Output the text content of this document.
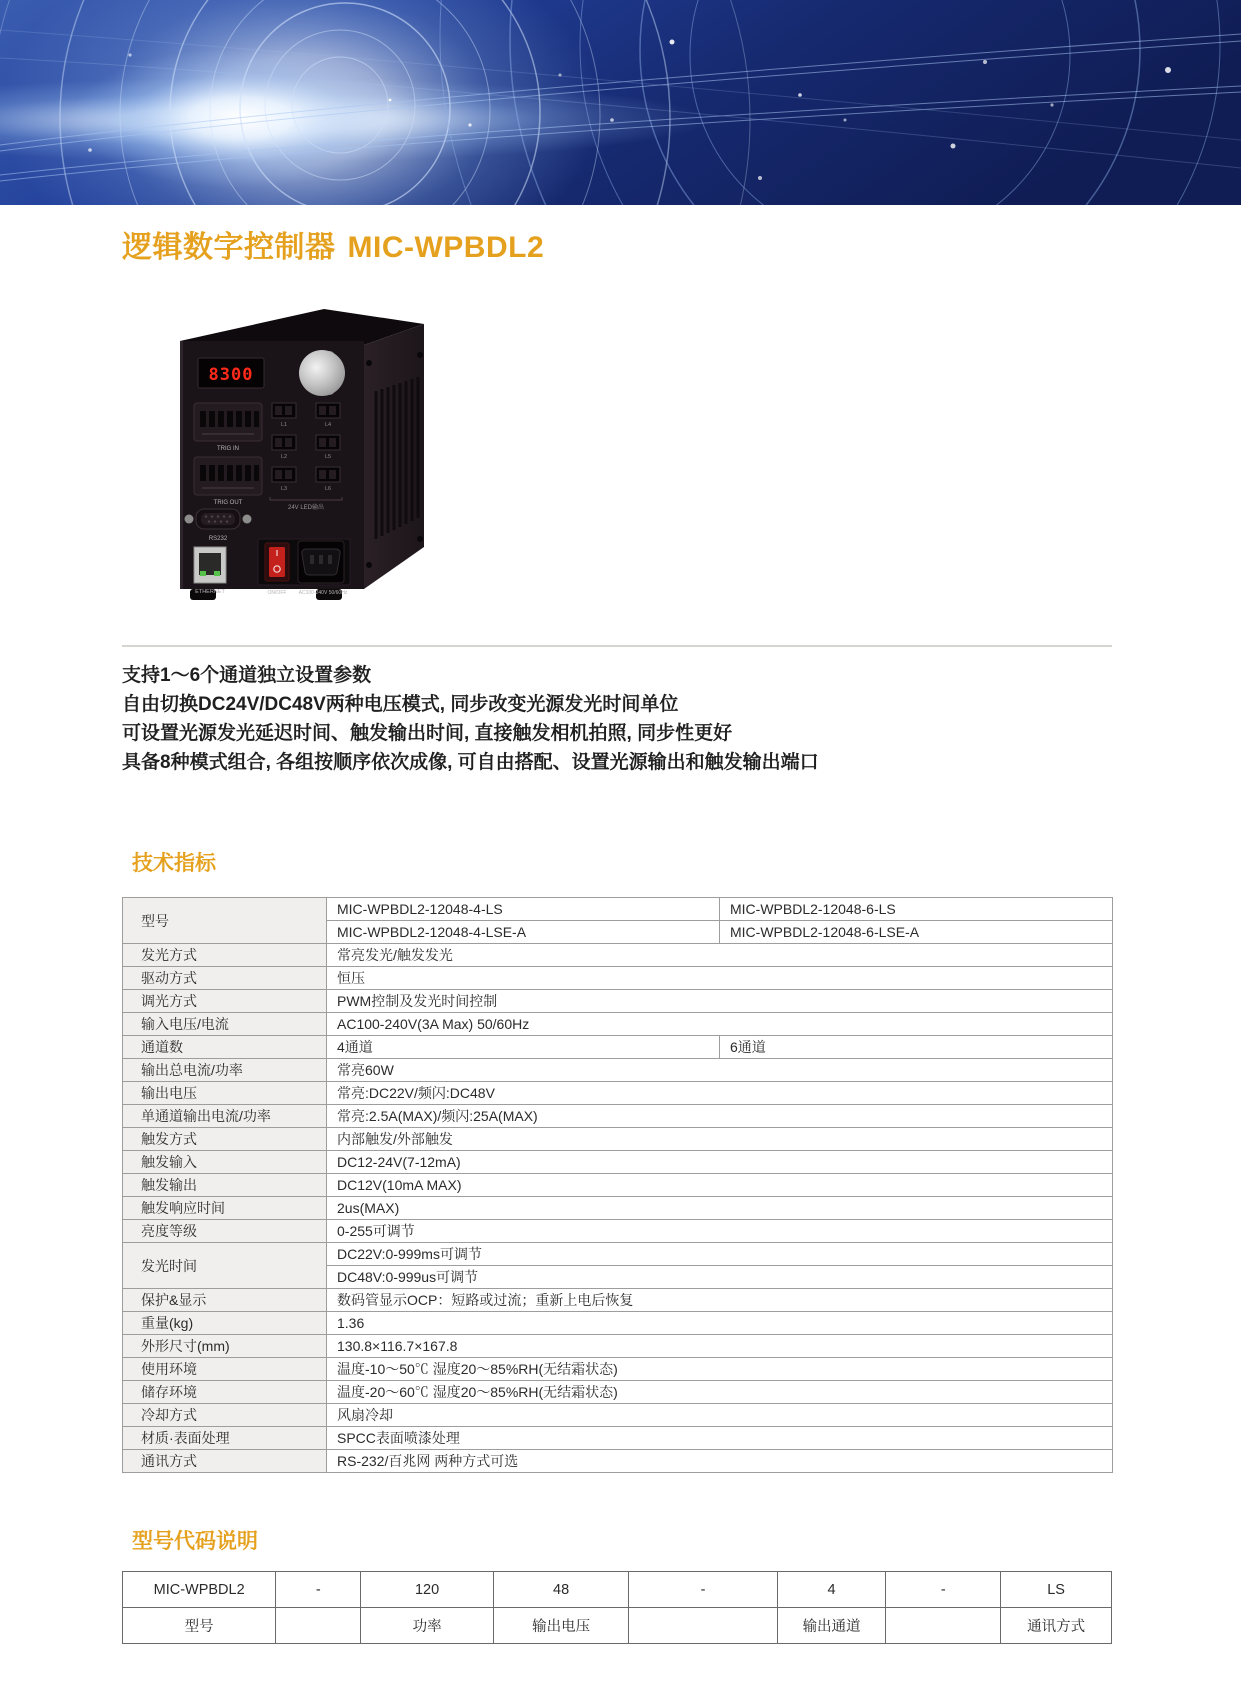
逻辑数字控制器 MIC-WPBDL2
8300
TRIG IN
TRIG OUT
L1	L4
L2	L5
L3	L6
24V LED输出
RS232
ETHERNET	ON/OFF AC100-240V 50/60Hz
支持1～6个通道独立设置参数
自由切换DC24V/DC48V两种电压模式, 同步改变光源发光时间单位
可设置光源发光延迟时间、触发输出时间, 直接触发相机拍照, 同步性更好
具备8种模式组合, 各组按顺序依次成像, 可自由搭配、设置光源输出和触发输出端口
技术指标
型号	MIC-WPBDL2-12048-4-LS	MIC-WPBDL2-12048-6-LS
	MIC-WPBDL2-12048-4-LSE-A	MIC-WPBDL2-12048-6-LSE-A
发光方式	常亮发光/触发发光	
驱动方式	恒压	
调光方式	PWM控制及发光时间控制	
输入电压/电流	AC100-240V(3A Max) 50/60Hz	
通道数	4通道	6通道
输出总电流/功率	常亮60W	
输出电压	常亮:DC22V/频闪:DC48V	
单通道输出电流/功率	常亮:2.5A(MAX)/频闪:25A(MAX)	
触发方式	内部触发/外部触发	
触发输入	DC12-24V(7-12mA)	
触发输出	DC12V(10mA MAX)	
触发响应时间	2us(MAX)	
亮度等级	0-255可调节	
发光时间	DC22V:0-999ms可调节	
	DC48V:0-999us可调节	
保护&显示	数码管显示OCP：短路或过流；重新上电后恢复	
重量(kg)	1.36	
外形尺寸(mm)	130.8×116.7×167.8	
使用环境	温度-10～50℃ 湿度20～85%RH(无结霜状态)	
储存环境	温度-20～60℃ 湿度20～85%RH(无结霜状态)	
冷却方式	风扇冷却	
材质·表面处理	SPCC表面喷漆处理	
通讯方式	RS-232/百兆网 两种方式可选	
型号代码说明
MIC-WPBDL2	-	120	48	-	4	-	LS
型号		功率	输出电压		输出通道		通讯方式
